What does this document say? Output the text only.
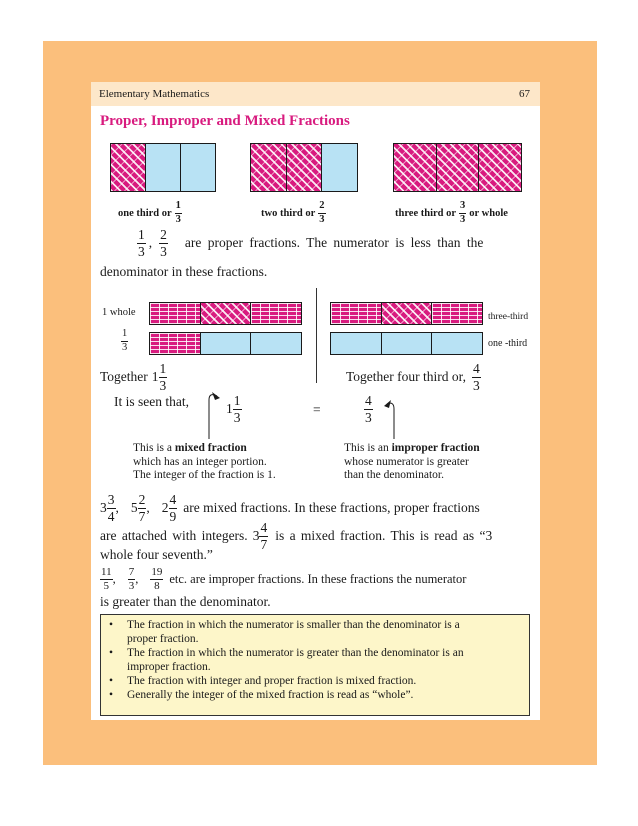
Elementary Mathematics	67
Proper, Improper and Mixed Fractions
one third or $\frac{1}{3}$	two third or $\frac{2}{3}$	three third or $\frac{3}{3}$ or whole
$\frac{1}{3}$ , $\frac{2}{3}$ are proper fractions. The numerator is less than the
denominator in these fractions.
1 whole
$\frac{1}{3}$
three-third
one -third
Together $1 \frac{1}{3}$	Together four third or, $\frac{4}{3}$
It is seen that,	$1 \frac{1}{3}$	=	$\frac{4}{3}$
This is a mixed fraction
which has an integer portion.
The integer of the fraction is 1.
This is an improper fraction
whose numerator is greater
than the denominator.
$3 \frac{3}{4}$ , $5 \frac{2}{7}$ , $2 \frac{4}{9}$ are mixed fractions. In these fractions, proper fractions
are attached with integers. $3 \frac{4}{7}$ is a mixed fraction. This is read as “3
whole four seventh.”
$\frac{11}{5}$ , $\frac{7}{3}$ , $\frac{19}{8}$ etc. are improper fractions. In these fractions the numerator
is greater than the denominator.
•	The fraction in which the numerator is smaller than the denominator is a
proper fraction.
•	The fraction in which the numerator is greater than the denominator is an
improper fraction.
•	The fraction with integer and proper fraction is mixed fraction.
•	Generally the integer of the mixed fraction is read as “whole”.
